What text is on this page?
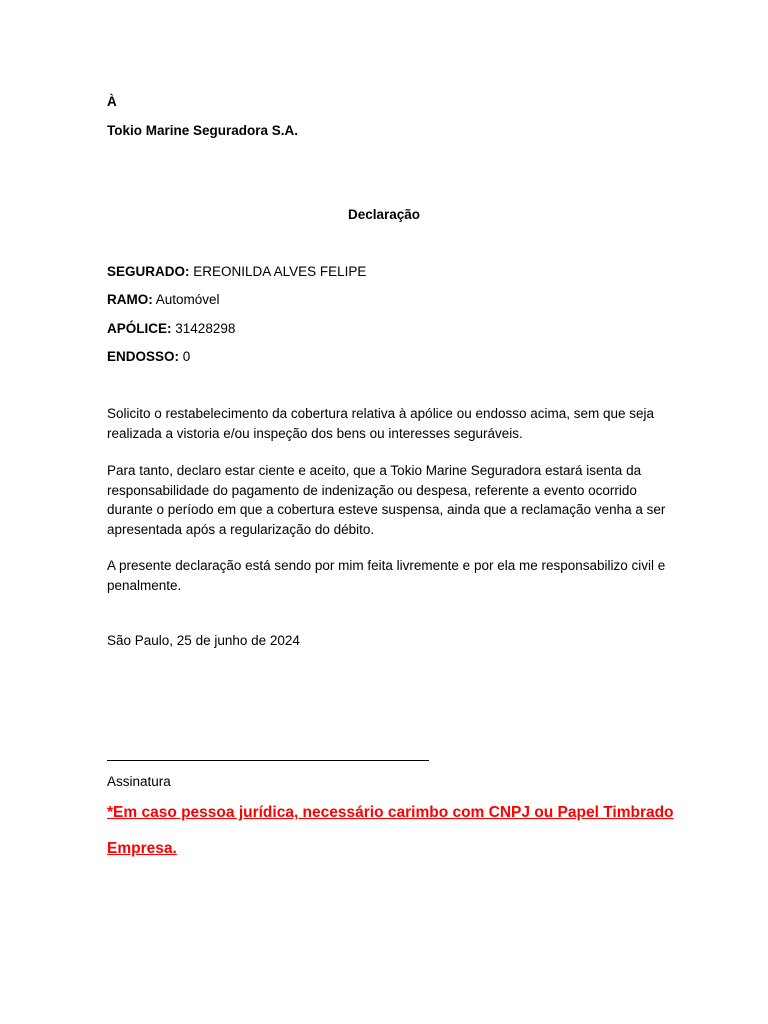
À
Tokio Marine Seguradora S.A.
Declaração
SEGURADO: EREONILDA ALVES FELIPE
RAMO: Automóvel
APÓLICE: 31428298
ENDOSSO: 0

Solicito o restabelecimento da cobertura relativa à apólice ou endosso acima, sem que seja realizada a vistoria e/ou inspeção dos bens ou interesses seguráveis.

Para tanto, declaro estar ciente e aceito, que a Tokio Marine Seguradora estará isenta da responsabilidade do pagamento de indenização ou despesa, referente a evento ocorrido durante o período em que a cobertura esteve suspensa, ainda que a reclamação venha a ser apresentada após a regularização do débito.

A presente declaração está sendo por mim feita livremente e por ela me responsabilizo civil e penalmente.

São Paulo, 25 de junho de 2024
Assinatura
*Em caso pessoa jurídica, necessário carimbo com CNPJ ou Papel Timbrado Empresa.
